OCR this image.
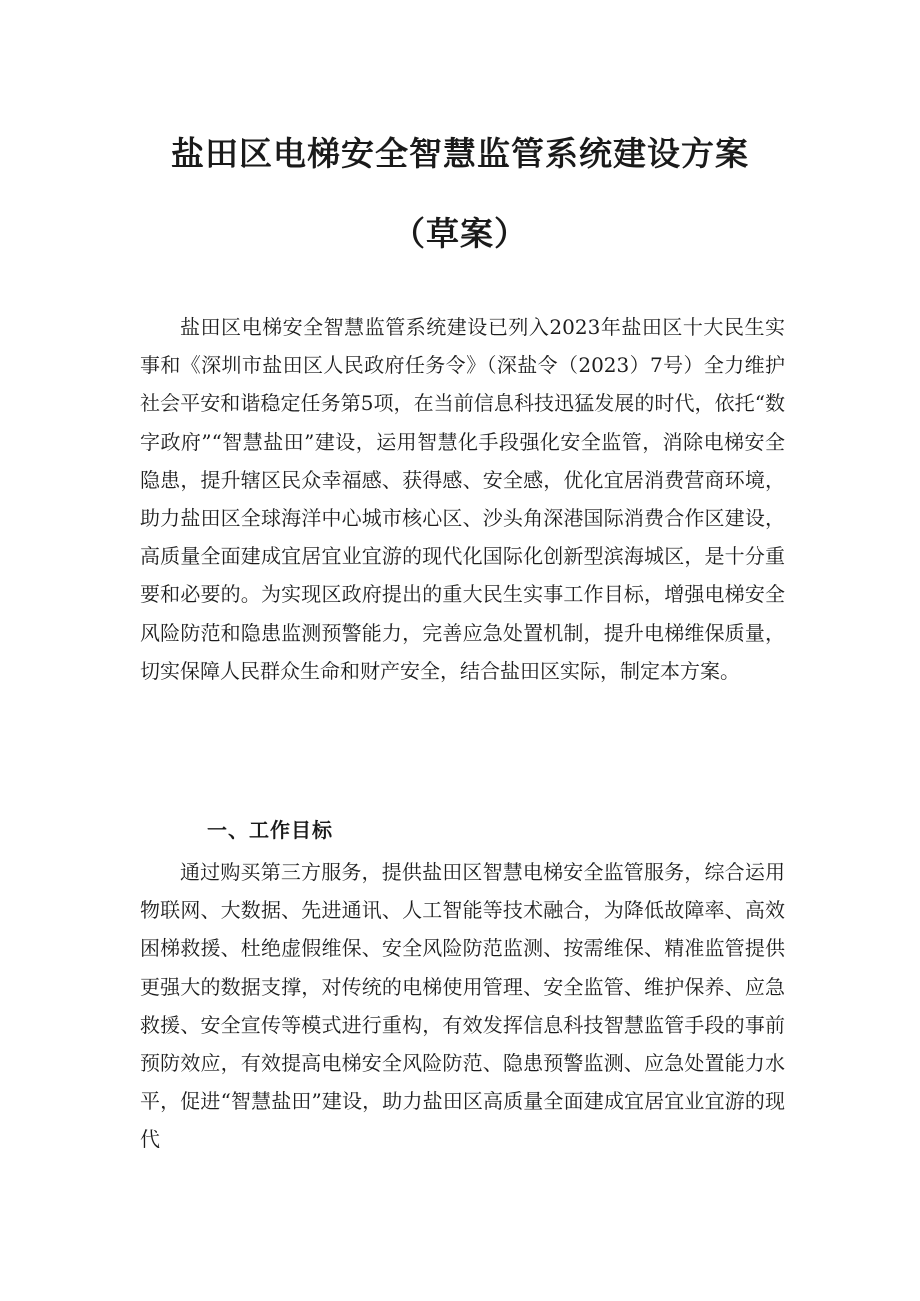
盐田区电梯安全智慧监管系统建设方案
（草案）

盐田区电梯安全智慧监管系统建设已列入2023年盐田区十大民生实事和《深圳市盐田区人民政府任务令》（深盐令（2023）7号）全力维护社会平安和谐稳定任务第5项，在当前信息科技迅猛发展的时代，依托“数字政府”“智慧盐田”建设，运用智慧化手段强化安全监管，消除电梯安全隐患，提升辖区民众幸福感、获得感、安全感，优化宜居消费营商环境，助力盐田区全球海洋中心城市核心区、沙头角深港国际消费合作区建设，高质量全面建成宜居宜业宜游的现代化国际化创新型滨海城区，是十分重要和必要的。为实现区政府提出的重大民生实事工作目标，增强电梯安全风险防范和隐患监测预警能力，完善应急处置机制，提升电梯维保质量，切实保障人民群众生命和财产安全，结合盐田区实际，制定本方案。

一、工作目标

通过购买第三方服务，提供盐田区智慧电梯安全监管服务，综合运用物联网、大数据、先进通讯、人工智能等技术融合，为降低故障率、高效困梯救援、杜绝虚假维保、安全风险防范监测、按需维保、精准监管提供更强大的数据支撑，对传统的电梯使用管理、安全监管、维护保养、应急救援、安全宣传等模式进行重构，有效发挥信息科技智慧监管手段的事前预防效应，有效提高电梯安全风险防范、隐患预警监测、应急处置能力水平，促进“智慧盐田”建设，助力盐田区高质量全面建成宜居宜业宜游的现代
